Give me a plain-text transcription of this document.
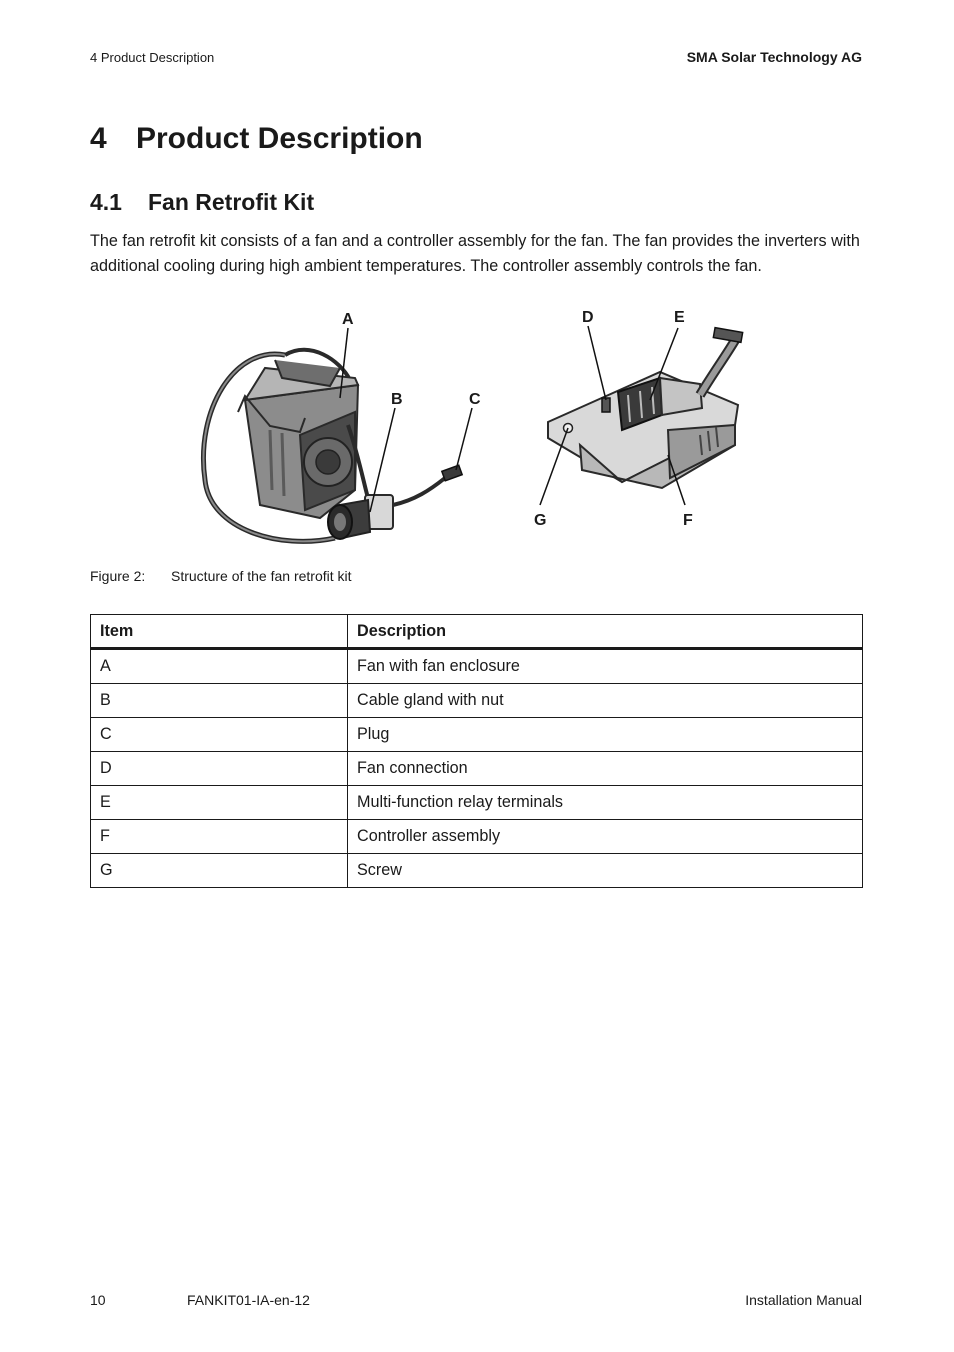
4 Product Description	SMA Solar Technology AG
4 Product Description
4.1 Fan Retrofit Kit

The fan retrofit kit consists of a fan and a controller assembly for the fan. The fan provides the inverters with additional cooling during high ambient temperatures. The controller assembly controls the fan.

A
B	C
D	E
F
G
Figure 2: Structure of the fan retrofit kit
Item	Description
A	Fan with fan enclosure
B	Cable gland with nut
C	Plug
D	Fan connection
E	Multi-function relay terminals
F	Controller assembly
G	Screw
10	FANKIT01-IA-en-12	Installation Manual
